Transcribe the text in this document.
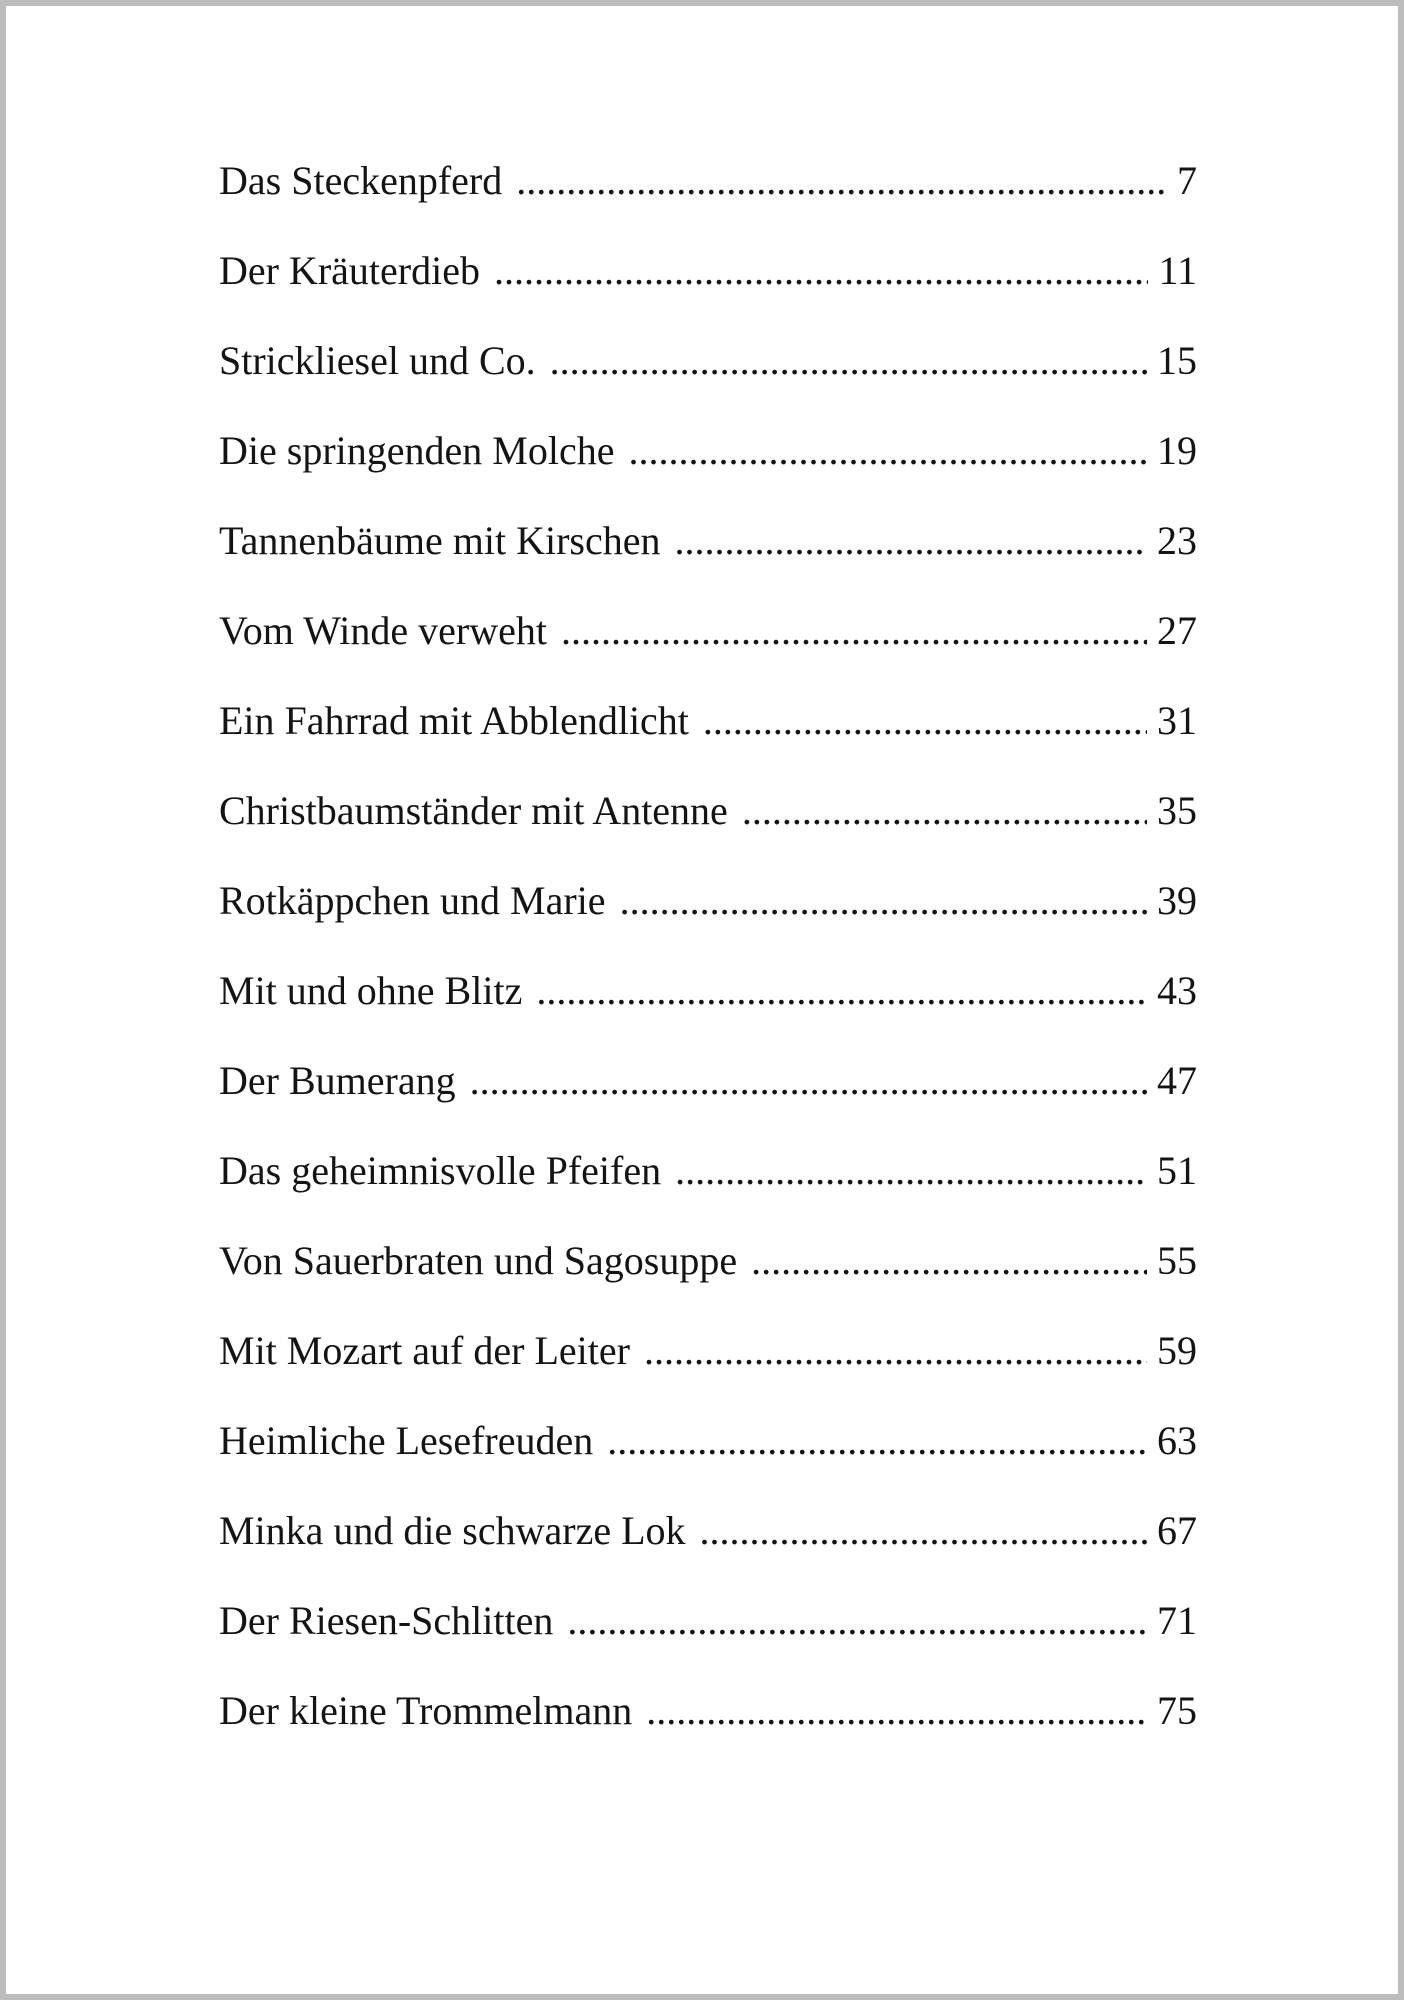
Das Steckenpferd .....	7
Der Kräuterdieb .....	11
Strickliesel und Co. .....	15
Die springenden Molche .....	19
Tannenbäume mit Kirschen .....	23
Vom Winde verweht .....	27
Ein Fahrrad mit Abblendlicht .....	31
Christbaumständer mit Antenne .....	35
Rotkäppchen und Marie .....	39
Mit und ohne Blitz .....	43
Der Bumerang .....	47
Das geheimnisvolle Pfeifen .....	51
Von Sauerbraten und Sagosuppe .....	55
Mit Mozart auf der Leiter .....	59
Heimliche Lesefreuden .....	63
Minka und die schwarze Lok .....	67
Der Riesen-Schlitten .....	71
Der kleine Trommelmann .....	75
